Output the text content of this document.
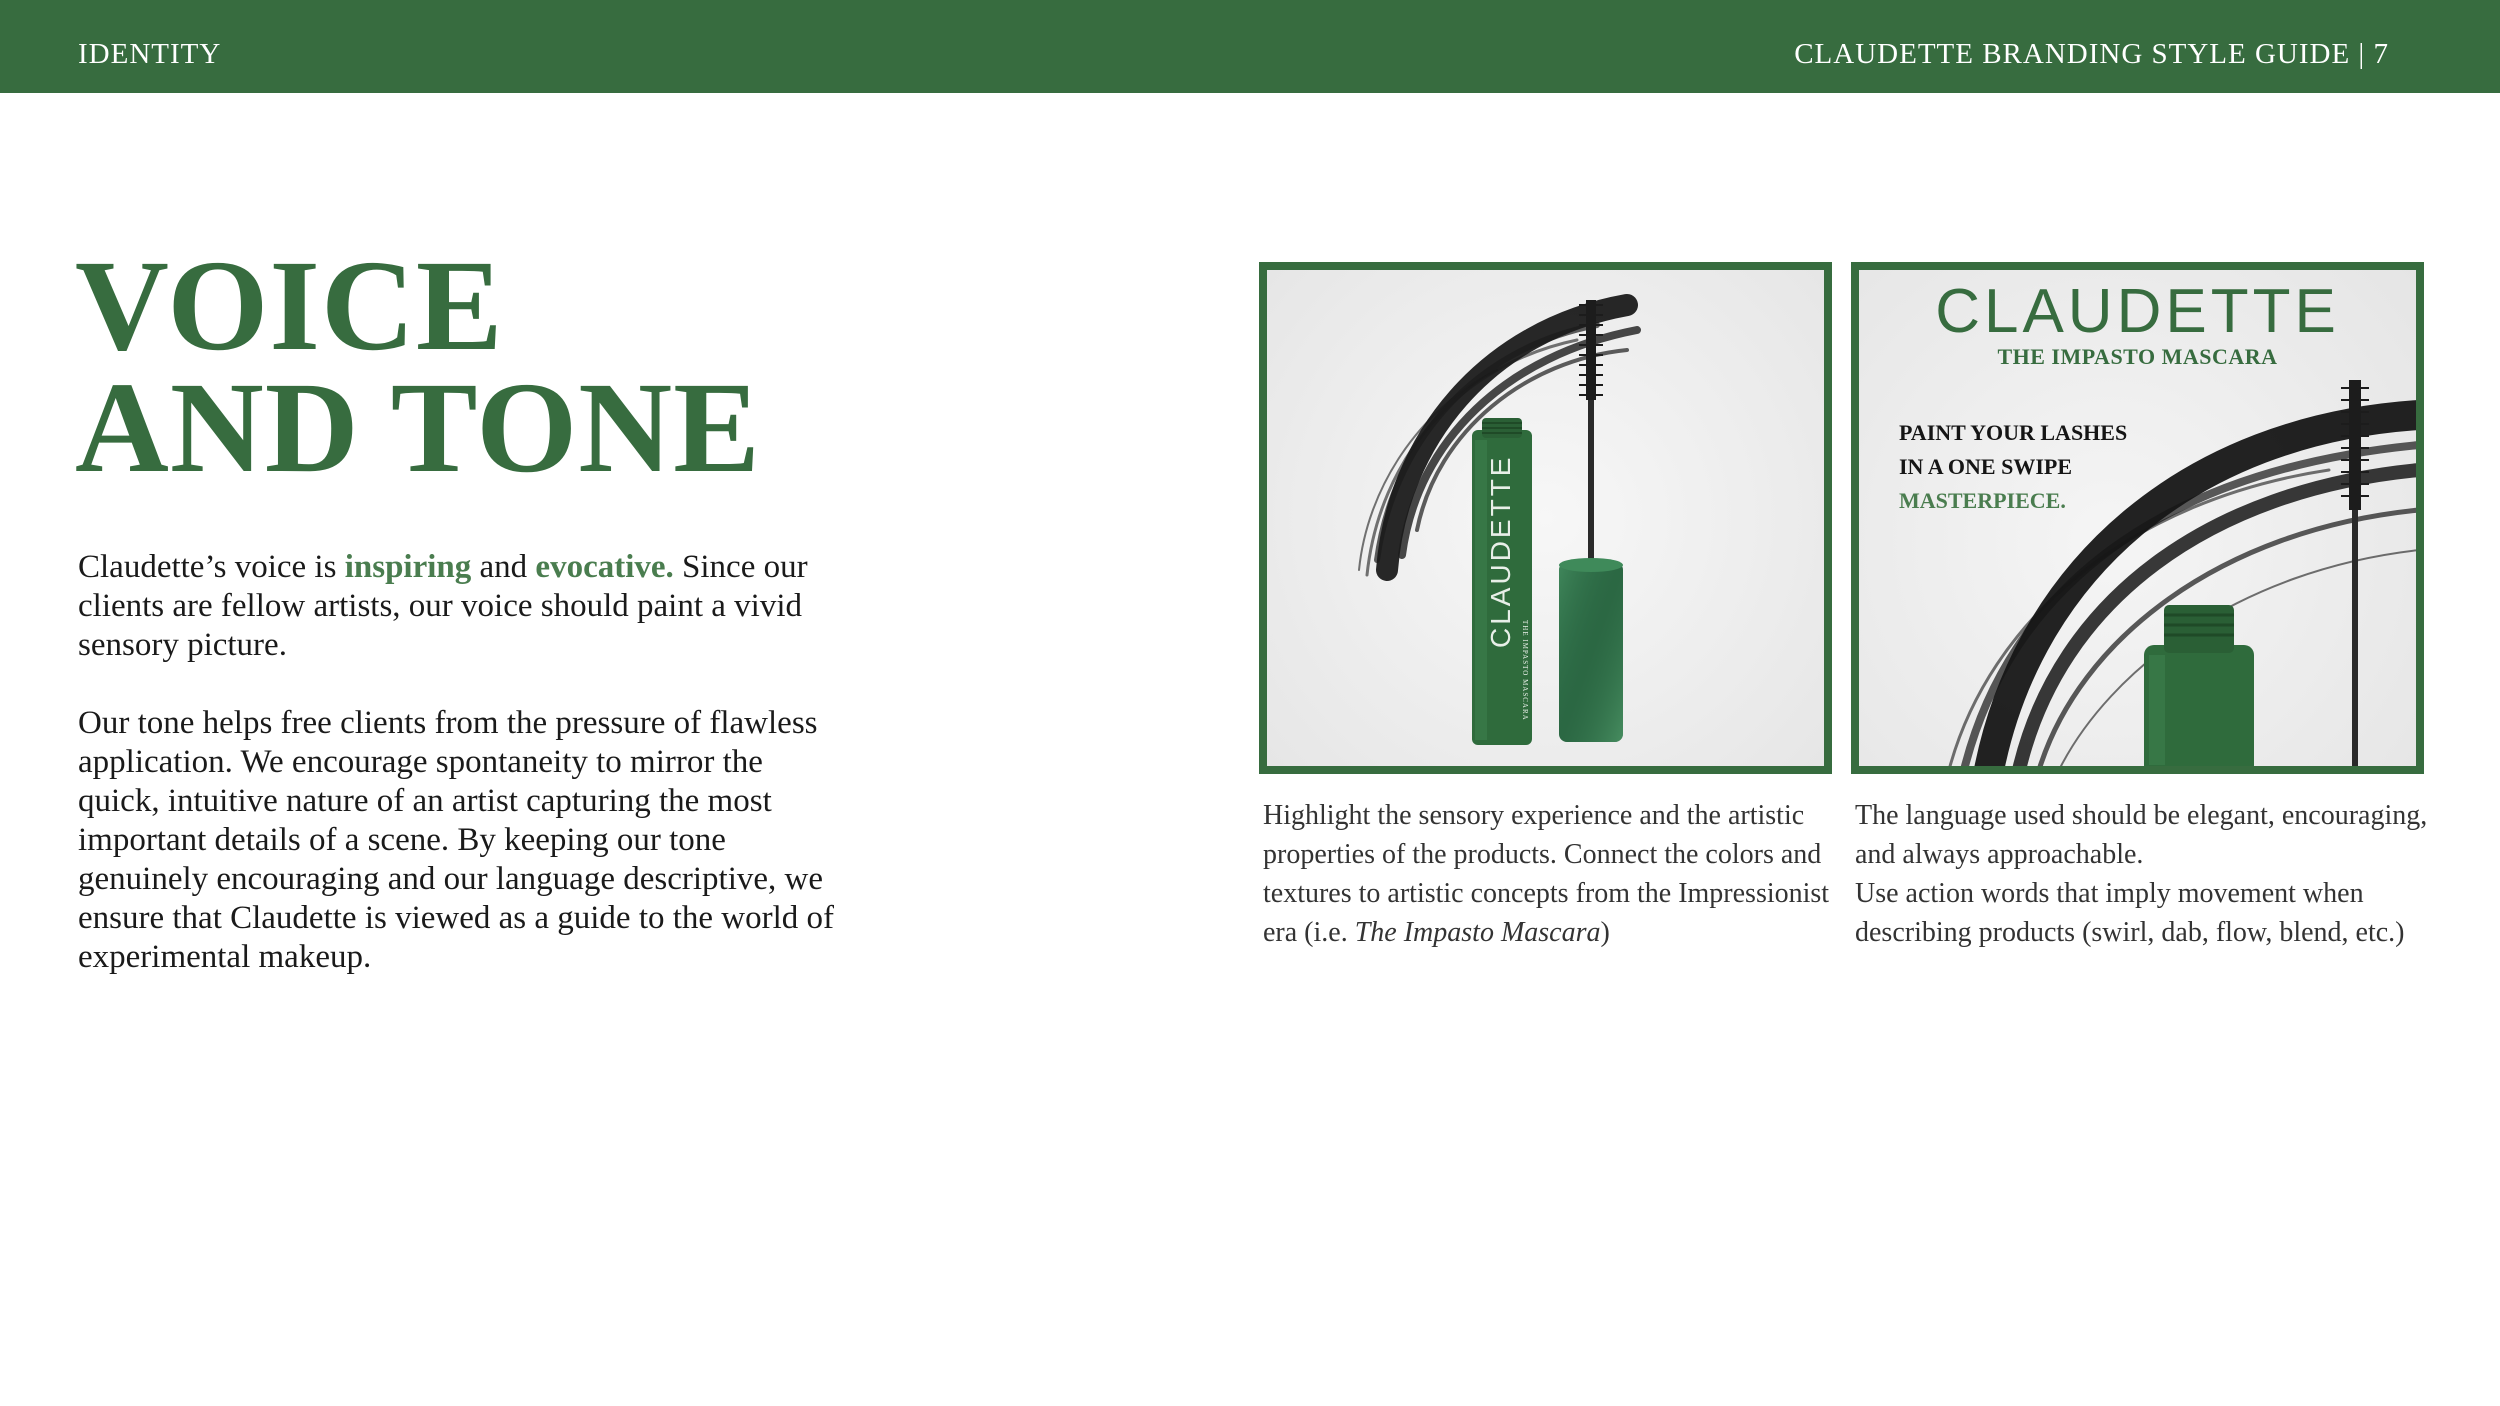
IDENTITY	CLAUDETTE BRANDING STYLE GUIDE | 7
VOICE
AND TONE

Claudette’s voice is inspiring and evocative. Since our clients are fellow artists, our voice should paint a vivid sensory picture.

Our tone helps free clients from the pressure of flawless application. We encourage spontaneity to mirror the quick, intuitive nature of an artist capturing the most important details of a scene. By keeping our tone genuinely encouraging and our language descriptive, we ensure that Claudette is viewed as a guide to the world of experimental makeup.

CLAUDETTE
THE IMPASTO MASCARA
CLAUDETTE
THE IMPASTO MASCARA
PAINT YOUR LASHES
IN A ONE SWIPE
MASTERPIECE.

Highlight the sensory experience and the artistic properties of the products. Connect the colors and textures to artistic concepts from the Impressionist era (i.e. The Impasto Mascara)

The language used should be elegant, encouraging, and always approachable.

Use action words that imply movement when describing products (swirl, dab, flow, blend, etc.)
